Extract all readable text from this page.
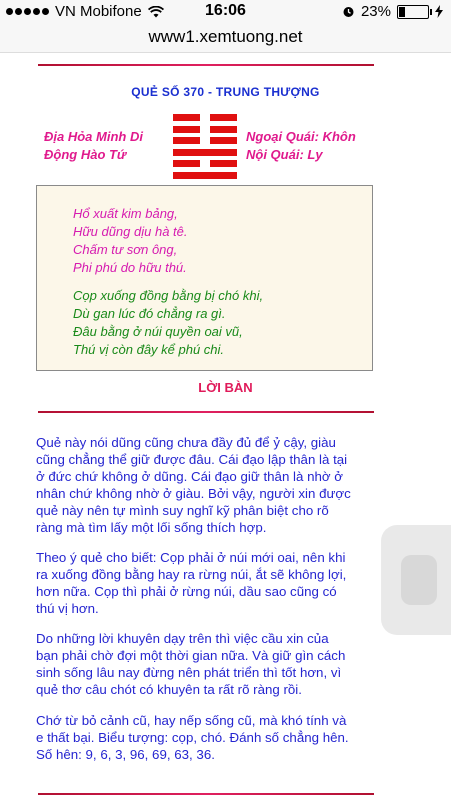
VN Mobifone	16:06	23%
www1.xemtuong.net
QUẺ SỐ 370 - TRUNG THƯỢNG
Địa Hỏa Minh Di
Động Hào Tứ
Ngoại Quái: Khôn
Nội Quái: Ly
Hổ xuất kim bảng,
Hữu dũng dịu hà tê.
Chấm tư sơn ông,
Phi phú do hữu thú.
Cọp xuống đồng bằng bị chó khi,
Dù gan lúc đó chẳng ra gì.
Đâu bằng ở núi quyền oai vũ,
Thú vị còn đây kể phú chi.
LỜI BÀN
Quẻ này nói dũng cũng chưa đầy đủ để ỷ cậy, giàu
cũng chẳng thể giữ được đâu. Cái đạo lập thân là tại
ở đức chứ không ở dũng. Cái đạo giữ thân là nhờ ở
nhân chứ không nhờ ở giàu. Bởi vậy, người xin được
quẻ này nên tự mình suy nghĩ kỹ phân biệt cho rõ
ràng mà tìm lấy một lối sống thích hợp.
Theo ý quẻ cho biết: Cọp phải ở núi mới oai, nên khi
ra xuống đồng bằng hay ra rừng núi, ắt sẽ không lợi,
hơn nữa. Cọp thì phải ở rừng núi, dầu sao cũng có
thú vị hơn.
Do những lời khuyên dạy trên thì việc cầu xin của
bạn phải chờ đợi một thời gian nữa. Và giữ gìn cách
sinh sống lâu nay đừng nên phát triển thì tốt hơn, vì
quẻ thơ câu chót có khuyên ta rất rõ ràng rồi.
Chớ từ bỏ cảnh cũ, hay nếp sống cũ, mà khó tính và
e thất bại. Biểu tượng: cọp, chó. Đánh số chẳng hên.
Số hên: 9, 6, 3, 96, 69, 63, 36.
